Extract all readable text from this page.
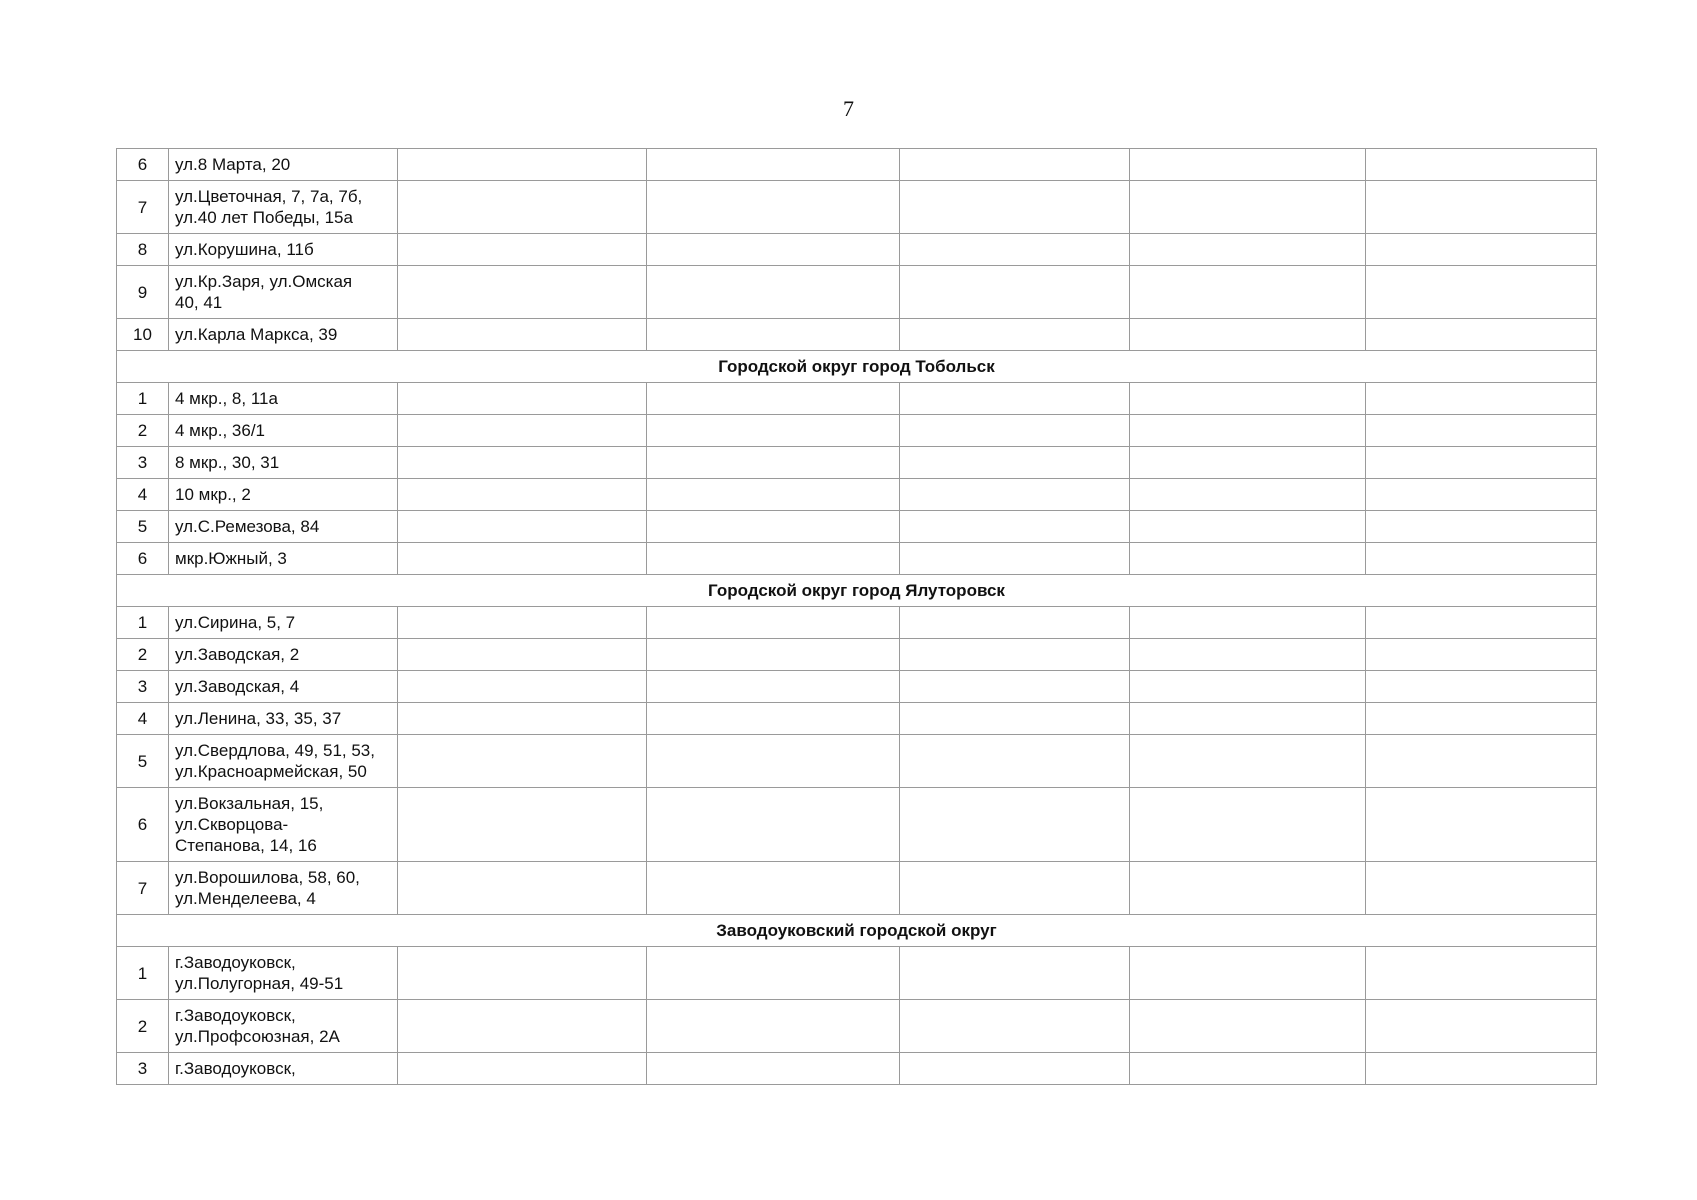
7
6	ул.8 Марта, 20					
7	ул.Цветочная, 7, 7а, 7б,
ул.40 лет Победы, 15а					
8	ул.Корушина, 11б					
9	ул.Кр.Заря, ул.Омская
40, 41					
10	ул.Карла Маркса, 39					
Городской округ город Тобольск						
1	4 мкр., 8, 11а					
2	4 мкр., 36/1					
3	8 мкр., 30, 31					
4	10 мкр., 2					
5	ул.С.Ремезова, 84					
6	мкр.Южный, 3					
Городской округ город Ялуторовск						
1	ул.Сирина, 5, 7					
2	ул.Заводская, 2					
3	ул.Заводская, 4					
4	ул.Ленина, 33, 35, 37					
5	ул.Свердлова, 49, 51, 53,
ул.Красноармейская, 50					
6	ул.Вокзальная, 15,
ул.Скворцова-
Степанова, 14, 16					
7	ул.Ворошилова, 58, 60,
ул.Менделеева, 4					
Заводоуковский городской округ						
1	г.Заводоуковск,
ул.Полугорная, 49-51					
2	г.Заводоуковск,
ул.Профсоюзная, 2А					
3	г.Заводоуковск,					
